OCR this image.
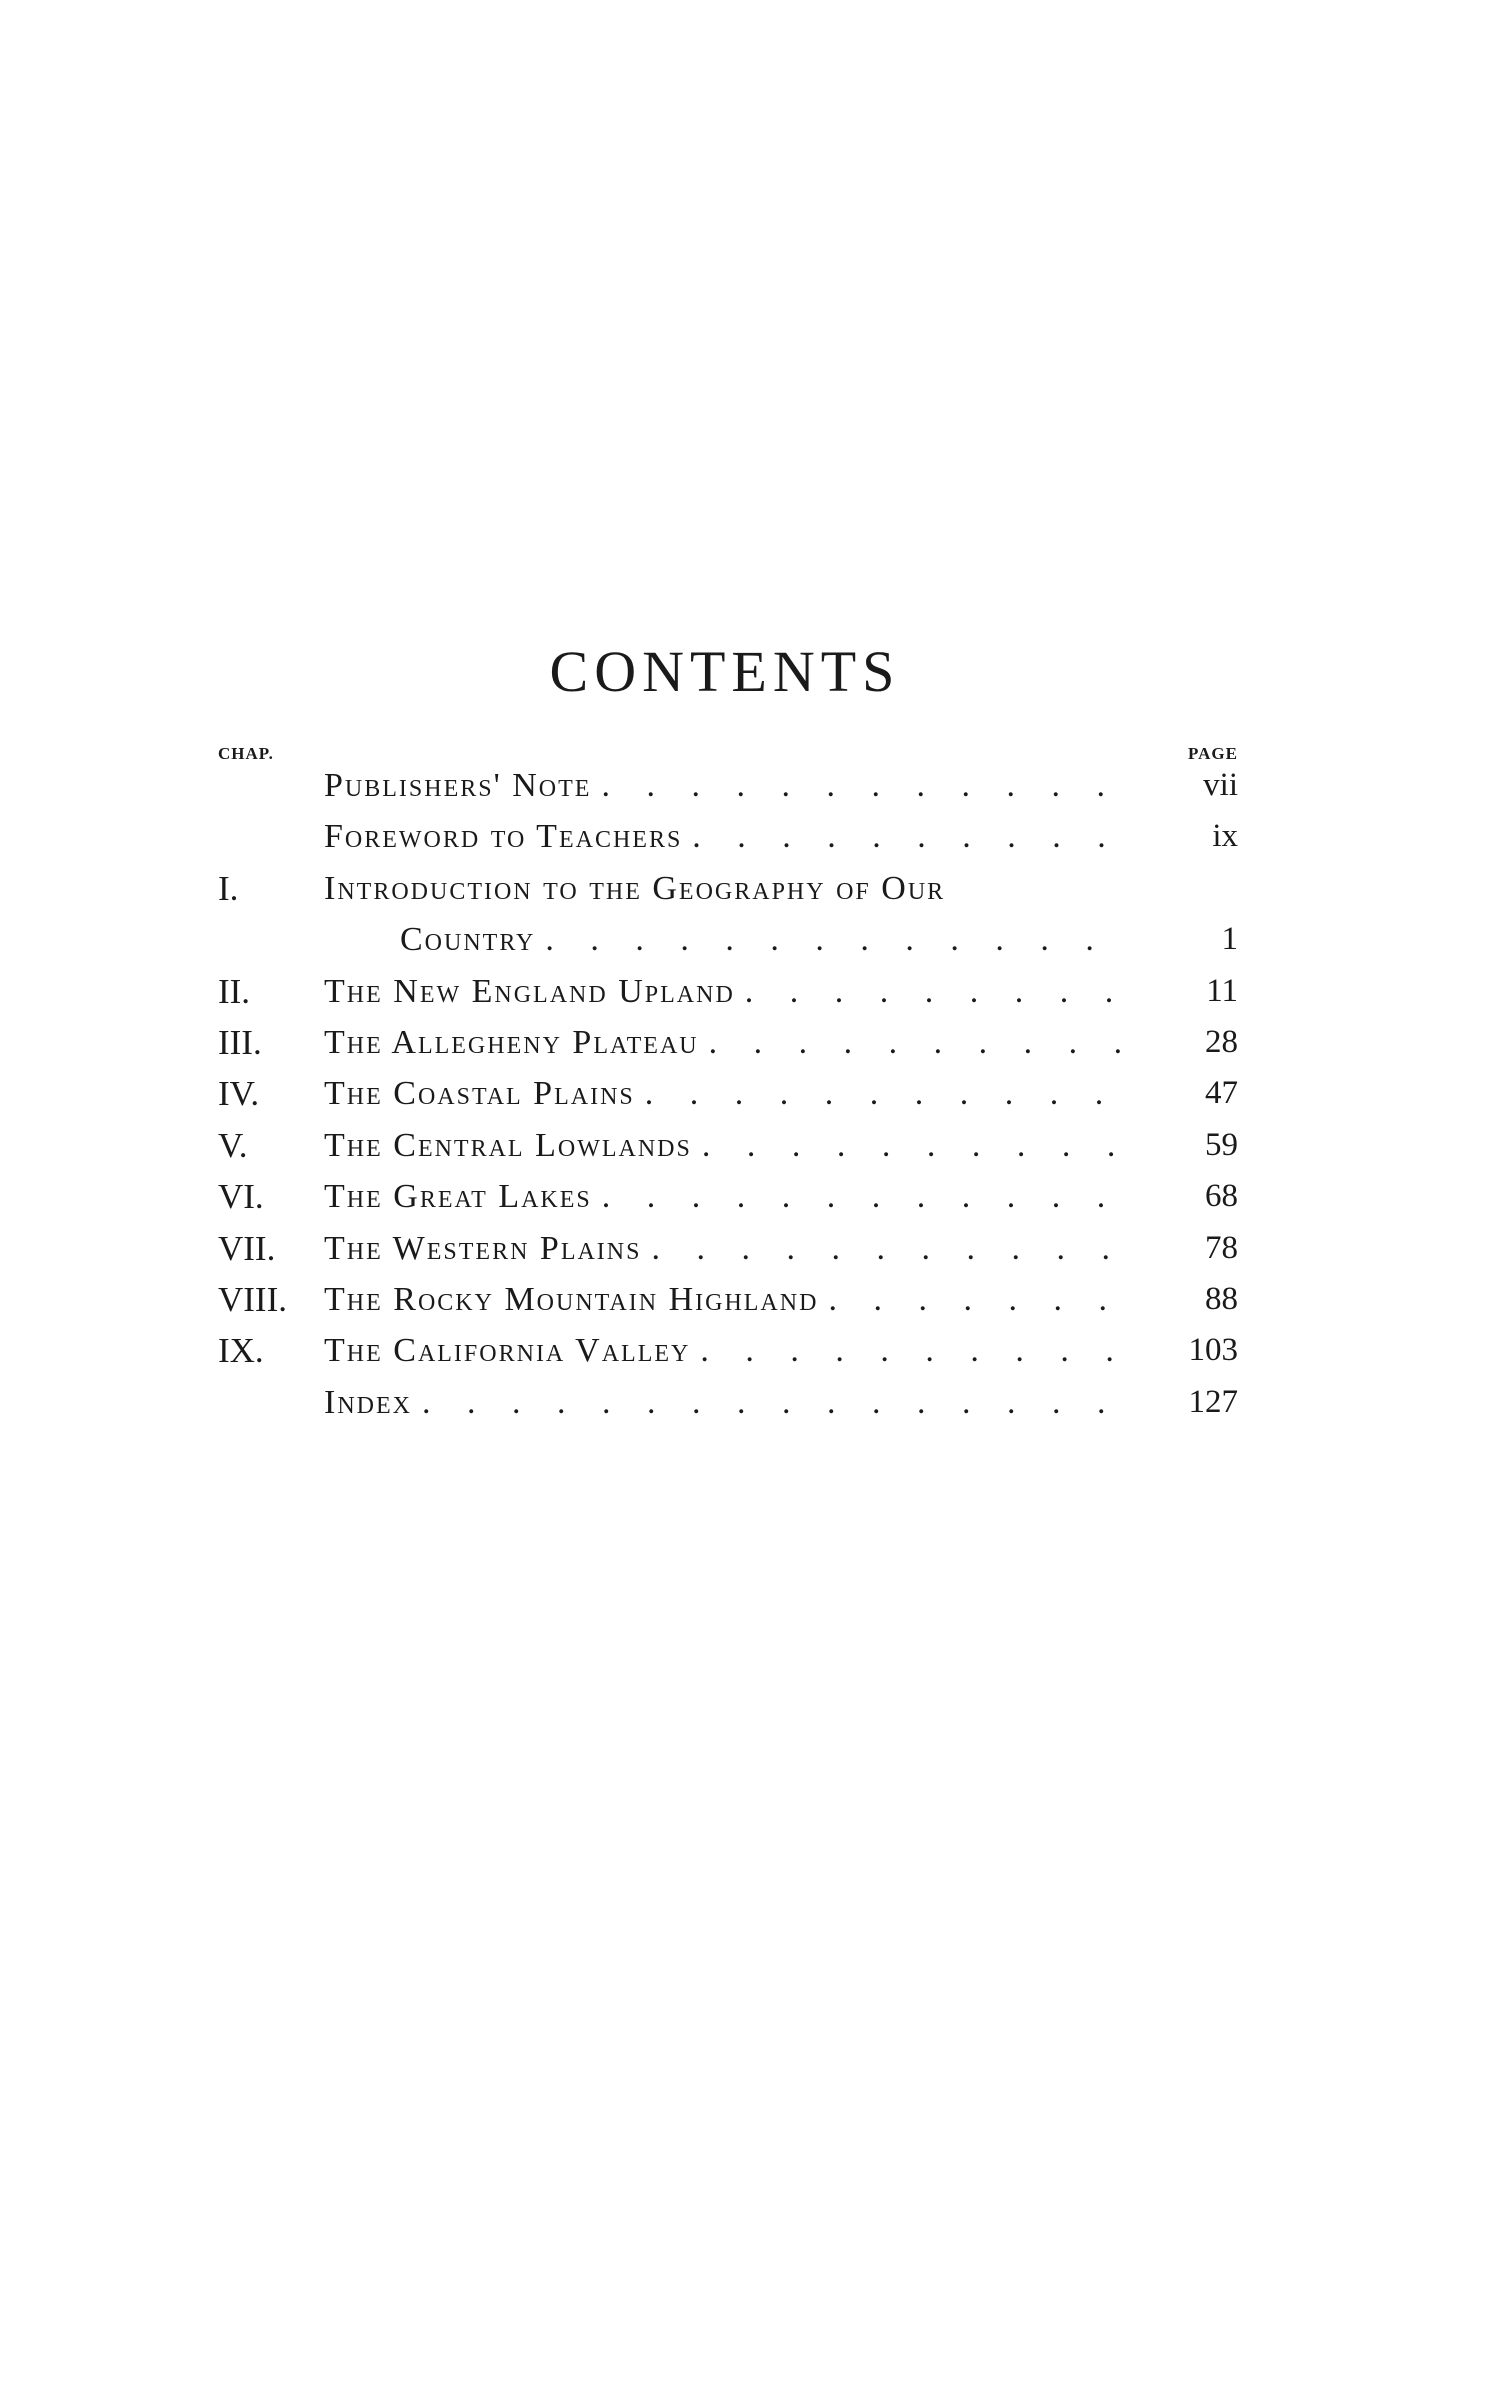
CONTENTS
CHAP.	PAGE
Publishers' Note . . .	vii
Foreword to Teachers . . .	ix
I.	Introduction to the Geography of Our
Country . . .	1
II.	The New England Upland . . .	11
III.	The Allegheny Plateau . . .	28
IV.	The Coastal Plains . . .	47
V.	The Central Lowlands . . .	59
VI.	The Great Lakes . . .	68
VII.	The Western Plains . . .	78
VIII.	The Rocky Mountain Highland . . .	88
IX.	The California Valley . . .	103
Index . . .	127
